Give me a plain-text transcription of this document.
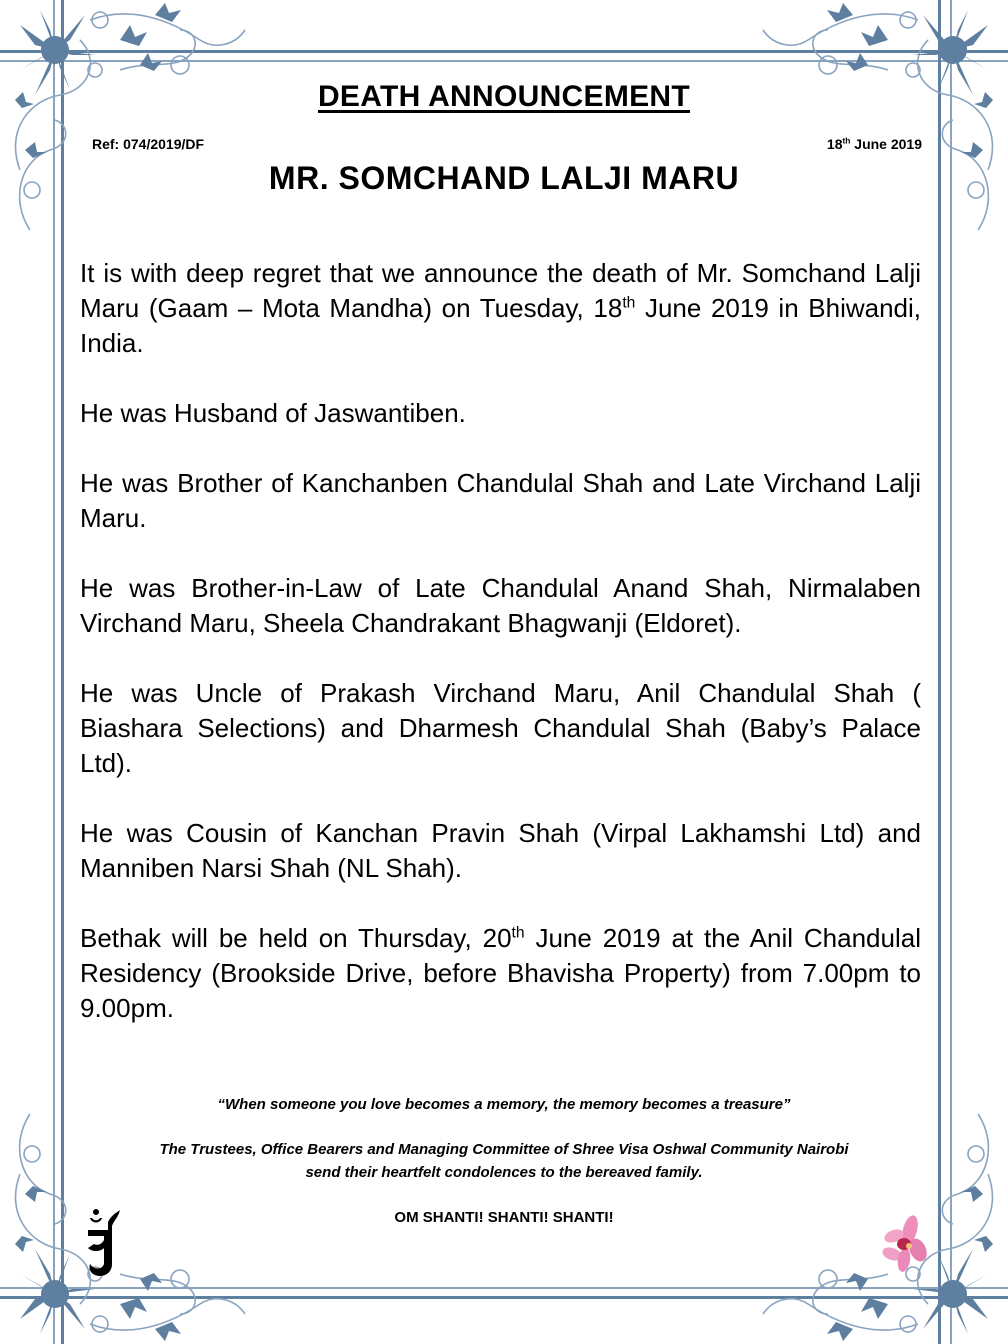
DEATH ANNOUNCEMENT
Ref: 074/2019/DF	18th June 2019
MR. SOMCHAND LALJI MARU

It is with deep regret that we announce the death of Mr. Somchand Lalji Maru (Gaam – Mota Mandha) on Tuesday, 18th June 2019 in Bhiwandi, India.

He was Husband of Jaswantiben.

He was Brother of Kanchanben Chandulal Shah and Late Virchand Lalji Maru.

He was Brother-in-Law of Late Chandulal Anand Shah, Nirmalaben Virchand Maru, Sheela Chandrakant Bhagwanji (Eldoret).

He was Uncle of Prakash Virchand Maru, Anil Chandulal Shah ( Biashara Selections) and Dharmesh Chandulal Shah (Baby’s Palace Ltd).

He was Cousin of Kanchan Pravin Shah (Virpal Lakhamshi Ltd) and Manniben Narsi Shah (NL Shah).

Bethak will be held on Thursday, 20th June 2019 at the Anil Chandulal Residency (Brookside Drive, before Bhavisha Property) from 7.00pm to 9.00pm.

“When someone you love becomes a memory, the memory becomes a treasure”
The Trustees, Office Bearers and Managing Committee of Shree Visa Oshwal Community Nairobi
send their heartfelt condolences to the bereaved family.
OM SHANTI! SHANTI! SHANTI!
